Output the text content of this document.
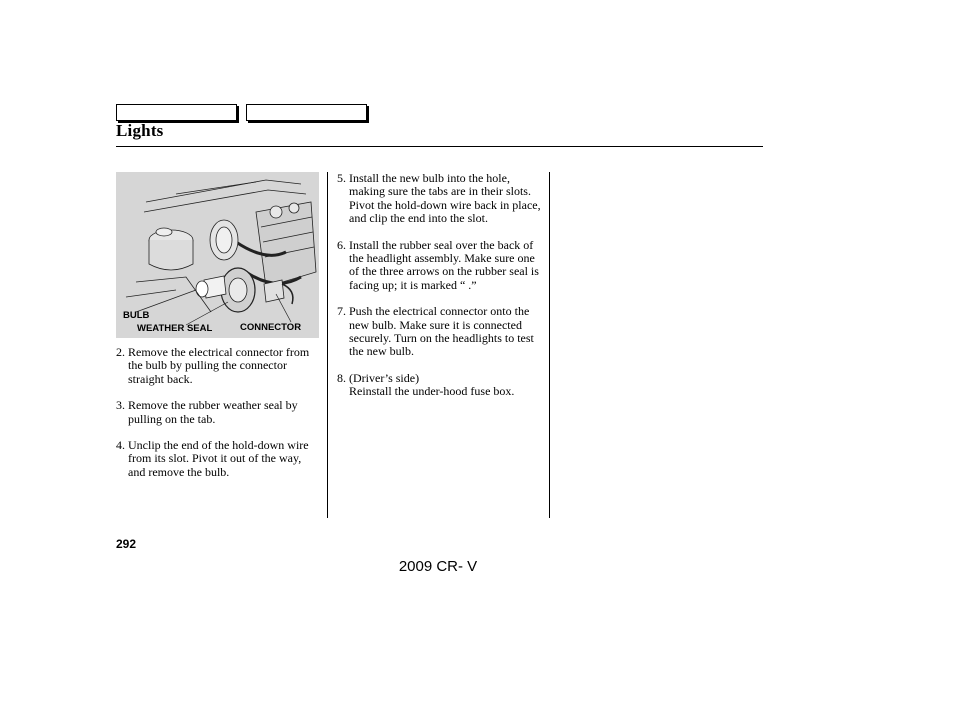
Lights
BULB
WEATHER SEAL	CONNECTOR
2. Remove the electrical connector from the bulb by pulling the connector straight back.
3. Remove the rubber weather seal by pulling on the tab.
4. Unclip the end of the hold-down wire from its slot. Pivot it out of the way, and remove the bulb.
5. Install the new bulb into the hole, making sure the tabs are in their slots. Pivot the hold-down wire back in place, and clip the end into the slot.
6. Install the rubber seal over the back of the headlight assembly. Make sure one of the three arrows on the rubber seal is facing up; it is marked “ .”
7. Push the electrical connector onto the new bulb. Make sure it is connected securely. Turn on the headlights to test the new bulb.
8. (Driver’s side)
Reinstall the under-hood fuse box.
292
2009 CR- V
